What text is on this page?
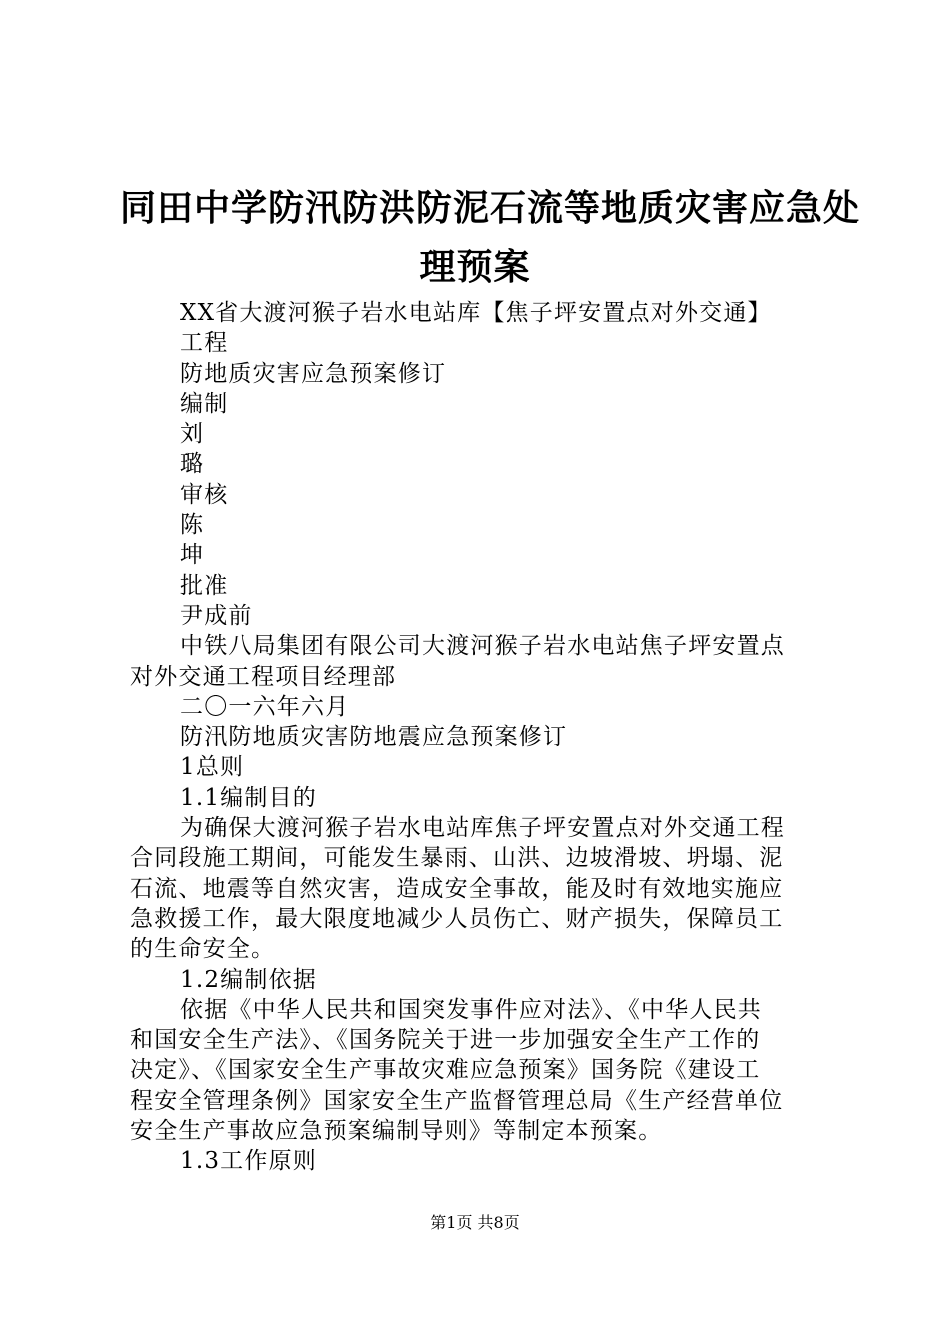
同田中学防汛防洪防泥石流等地质灾害应急处
理预案

XX省大渡河猴子岩水电站库【焦子坪安置点对外交通】

工程

防地质灾害应急预案修订

编制

刘

璐

审核

陈

坤

批准

尹成前

中铁八局集团有限公司大渡河猴子岩水电站焦子坪安置点

对外交通工程项目经理部

二〇一六年六月

防汛防地质灾害防地震应急预案修订

1总则

1.1编制目的

为确保大渡河猴子岩水电站库焦子坪安置点对外交通工程

合同段施工期间，可能发生暴雨、山洪、边坡滑坡、坍塌、泥

石流、地震等自然灾害，造成安全事故，能及时有效地实施应

急救援工作，最大限度地减少人员伤亡、财产损失，保障员工

的生命安全。

1.2编制依据

依据《中华人民共和国突发事件应对法》、《中华人民共

和国安全生产法》、《国务院关于进一步加强安全生产工作的

决定》、《国家安全生产事故灾难应急预案》国务院《建设工

程安全管理条例》国家安全生产监督管理总局《生产经营单位

安全生产事故应急预案编制导则》等制定本预案。

1.3工作原则

第1页 共8页
